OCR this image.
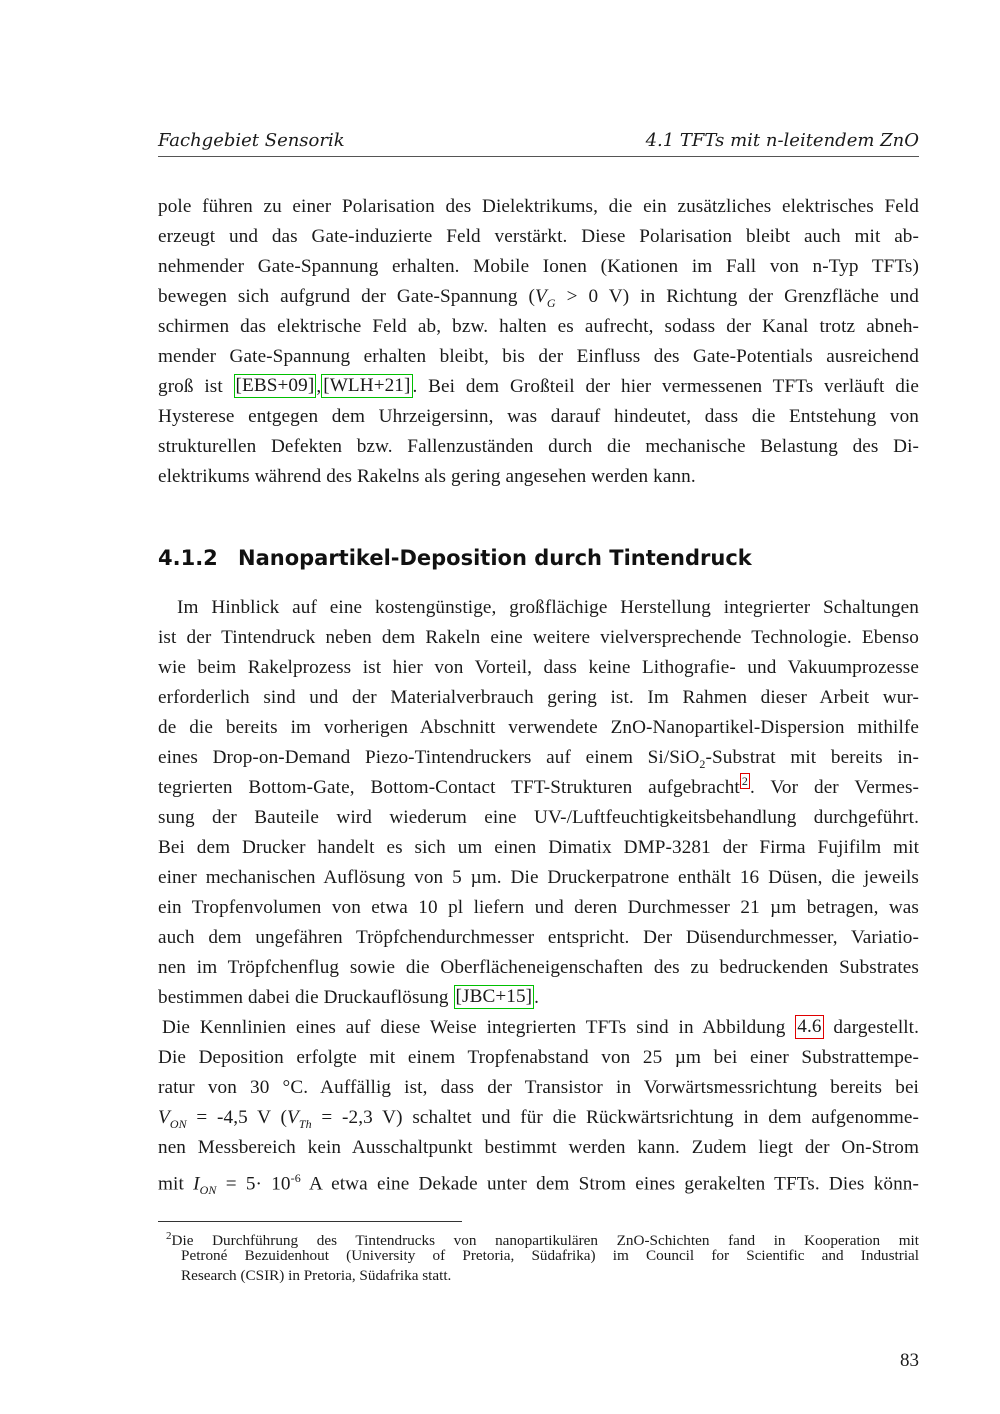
Fachgebiet Sensorik	4.1 TFTs mit n-leitendem ZnO
pole führen zu einer Polarisation des Dielektrikums, die ein zusätzliches elektrisches Feld
erzeugt und das Gate-induzierte Feld verstärkt. Diese Polarisation bleibt auch mit ab-
nehmender Gate-Spannung erhalten. Mobile Ionen (Kationen im Fall von n-Typ TFTs)
bewegen sich aufgrund der Gate-Spannung ($V_G > 0$ V) in Richtung der Grenzfläche und
schirmen das elektrische Feld ab, bzw. halten es aufrecht, sodass der Kanal trotz abneh-
mender Gate-Spannung erhalten bleibt, bis der Einfluss des Gate-Potentials ausreichend
groß ist [EBS+09] , [WLH+21] . Bei dem Großteil der hier vermessenen TFTs verläuft die
Hysterese entgegen dem Uhrzeigersinn, was darauf hindeutet, dass die Entstehung von
strukturellen Defekten bzw. Fallenzuständen durch die mechanische Belastung des Di-
elektrikums während des Rakelns als gering angesehen werden kann.
4.1.2 Nanopartikel-Deposition durch Tintendruck
Im Hinblick auf eine kostengünstige, großflächige Herstellung integrierter Schaltungen
ist der Tintendruck neben dem Rakeln eine weitere vielversprechende Technologie. Ebenso
wie beim Rakelprozess ist hier von Vorteil, dass keine Lithografie- und Vakuumprozesse
erforderlich sind und der Materialverbrauch gering ist. Im Rahmen dieser Arbeit wur-
de die bereits im vorherigen Abschnitt verwendete ZnO-Nanopartikel-Dispersion mithilfe
eines Drop-on-Demand Piezo-Tintendruckers auf einem Si/SiO$_2$-Substrat mit bereits in-
tegrierten Bottom-Gate, Bottom-Contact TFT-Strukturen aufgebracht 2 . Vor der Vermes-
sung der Bauteile wird wiederum eine UV-/Luftfeuchtigkeitsbehandlung durchgeführt.
Bei dem Drucker handelt es sich um einen Dimatix DMP-3281 der Firma Fujifilm mit
einer mechanischen Auflösung von 5 µm. Die Druckerpatrone enthält 16 Düsen, die jeweils
ein Tropfenvolumen von etwa 10 pl liefern und deren Durchmesser 21 µm betragen, was
auch dem ungefähren Tröpfchendurchmesser entspricht. Der Düsendurchmesser, Variatio-
nen im Tröpfchenflug sowie die Oberflächeneigenschaften des zu bedruckenden Substrates
bestimmen dabei die Druckauflösung [JBC+15] .
Die Kennlinien eines auf diese Weise integrierten TFTs sind in Abbildung 4.6 dargestellt.
Die Deposition erfolgte mit einem Tropfenabstand von 25 µm bei einer Substrattempe-
ratur von 30 °C. Auffällig ist, dass der Transistor in Vorwärtsmessrichtung bereits bei
$V_{ON} = -4,5$ V ($V_{Th} = -2,3$ V) schaltet und für die Rückwärtsrichtung in dem aufgenomme-
nen Messbereich kein Ausschaltpunkt bestimmt werden kann. Zudem liegt der On-Strom
mit $I_{ON} = 5\cdot 10^{-6}$ A etwa eine Dekade unter dem Strom eines gerakelten TFTs. Dies könn-
$^2$Die Durchführung des Tintendrucks von nanopartikulären ZnO-Schichten fand in Kooperation mit
Petroné Bezuidenhout (University of Pretoria, Südafrika) im Council for Scientific and Industrial
Research (CSIR) in Pretoria, Südafrika statt.
83
